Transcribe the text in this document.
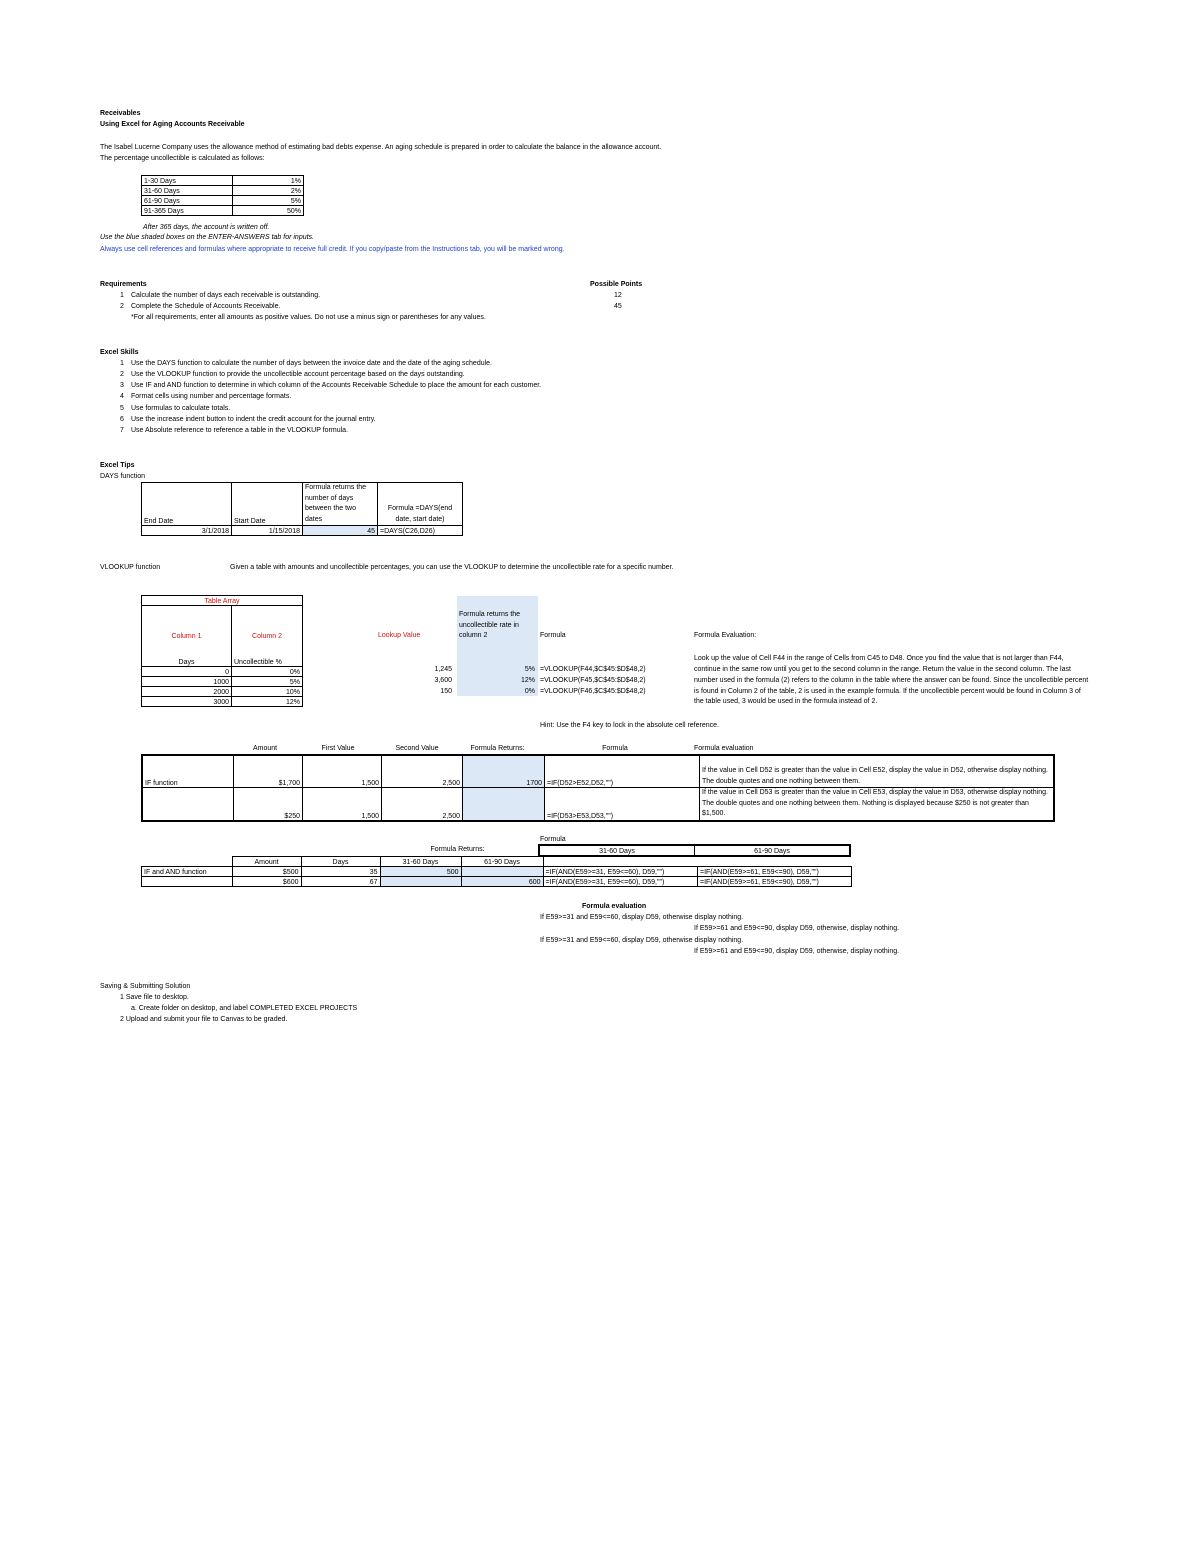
Receivables
Using Excel for Aging Accounts Receivable
The Isabel Lucerne Company uses the allowance method of estimating bad debts expense. An aging schedule is prepared in order to calculate the balance in the allowance account.
The percentage uncollectible is calculated as follows:
1-30 Days	1%
31-60 Days	2%
61-90 Days	5%
91-365 Days	50%
After 365 days, the account is written off.
Use the blue shaded boxes on the ENTER-ANSWERS tab for inputs.
Always use cell references and formulas where appropriate to receive full credit. If you copy/paste from the Instructions tab, you will be marked wrong.
Requirements	Possible Points
1 Calculate the number of days each receivable is outstanding.	12
2 Complete the Schedule of Accounts Receivable.	45
*For all requirements, enter all amounts as positive values. Do not use a minus sign or parentheses for any values.
Excel Skills
1 Use the DAYS function to calculate the number of days between the invoice date and the date of the aging schedule.
2 Use the VLOOKUP function to provide the uncollectible account percentage based on the days outstanding.
3 Use IF and AND function to determine in which column of the Accounts Receivable Schedule to place the amount for each customer.
4 Format cells using number and percentage formats.
5 Use formulas to calculate totals.
6 Use the increase indent button to indent the credit account for the journal entry.
7 Use Absolute reference to reference a table in the VLOOKUP formula.
Excel Tips
DAYS function
End Date	Start Date	Formula returns the number of days between the two dates	Formula =DAYS(end date, start date)
3/1/2018	1/15/2018	45	=DAYS(C26,D26)
VLOOKUP function	Given a table with amounts and uncollectible percentages, you can use the VLOOKUP to determine the uncollectible rate for a specific number.
Table Array	
Column 1	Column 2
Days	Uncollectible %
0	0%
1000	5%
2000	10%
3000	12%
Lookup Value
Formula returns the uncollectible rate in column 2	Formula	Formula Evaluation:
1,245	5% =VLOOKUP(F44,$C$45:$D$48,2)
3,600	12% =VLOOKUP(F45,$C$45:$D$48,2)
150	0% =VLOOKUP(F46,$C$45:$D$48,2)
Look up the value of Cell F44 in the range of Cells from C45 to D48. Once you find the value that is not larger than F44, continue in the same row until you get to the second column in the range. Return the value in the second column. The last number used in the formula (2) refers to the column in the table where the answer can be found. Since the uncollectible percent is found in Column 2 of the table, 2 is used in the example formula. If the uncollectible percent would be found in Column 3 of the table used, 3 would be used in the formula instead of 2.
Hint: Use the F4 key to lock in the absolute cell reference.
Amount	First Value	Second Value	Formula Returns:	Formula	Formula evaluation
IF function	$1,700	1,500	2,500	1700	=IF(D52>E52,D52,"")	If the value in Cell D52 is greater than the value in Cell E52, display the value in D52, otherwise display nothing. The double quotes and one nothing between them.
	$250	1,500	2,500		=IF(D53>E53,D53,"")	If the value in Cell D53 is greater than the value in Cell E53, display the value in D53, otherwise display nothing. The double quotes and one nothing between them. Nothing is displayed because $250 is not greater than $1,500.
Formula
Formula Returns:	31-60 Days	61-90 Days
	Amount	Days	31-60 Days	61-90 Days		
IF and AND function	$500	35	500		=IF(AND(E59>=31, E59<=60), D59,"")	=IF(AND(E59>=61, E59<=90), D59,"")
	$600	67		600	=IF(AND(E59>=31, E59<=60), D59,"")	=IF(AND(E59>=61, E59<=90), D59,"")
Formula evaluation
If E59>=31 and E59<=60, display D59, otherwise display nothing.
If E59>=61 and E59<=90, display D59, otherwise, display nothing.
If E59>=31 and E59<=60, display D59, otherwise display nothing.
If E59>=61 and E59<=90, display D59, otherwise, display nothing.
Saving & Submitting Solution
1 Save file to desktop.
a. Create folder on desktop, and label COMPLETED EXCEL PROJECTS
2 Upload and submit your file to Canvas to be graded.
